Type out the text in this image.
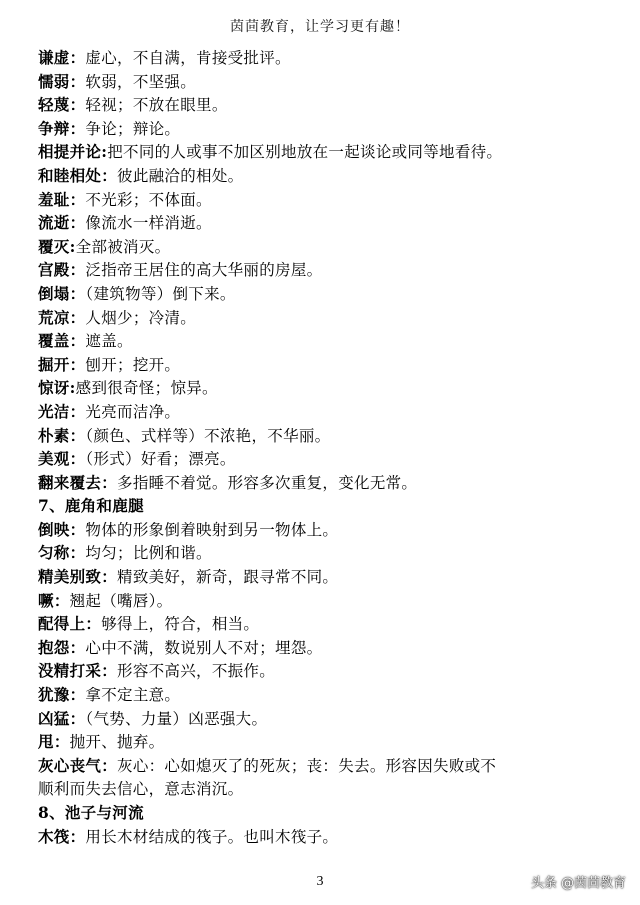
茵茴教育，让学习更有趣！
谦虚：虚心，不自满，肯接受批评。
懦弱：软弱，不坚强。
轻蔑：轻视；不放在眼里。
争辩：争论；辩论。
相提并论:把不同的人或事不加区别地放在一起谈论或同等地看待。
和睦相处：彼此融洽的相处。
羞耻：不光彩；不体面。
流逝：像流水一样消逝。
覆灭:全部被消灭。
宫殿：泛指帝王居住的高大华丽的房屋。
倒塌：（建筑物等）倒下来。
荒凉：人烟少；冷清。
覆盖：遮盖。
掘开：刨开；挖开。
惊讶:感到很奇怪；惊异。
光洁：光亮而洁净。
朴素：（颜色、式样等）不浓艳，不华丽。
美观：（形式）好看；漂亮。
翻来覆去：多指睡不着觉。形容多次重复，变化无常。
7、鹿角和鹿腿
倒映：物体的形象倒着映射到另一物体上。
匀称：均匀；比例和谐。
精美别致：精致美好，新奇，跟寻常不同。
噘：翘起（嘴唇）。
配得上：够得上，符合，相当。
抱怨：心中不满，数说别人不对；埋怨。
没精打采：形容不高兴，不振作。
犹豫：拿不定主意。
凶猛：（气势、力量）凶恶强大。
甩：抛开、抛弃。
灰心丧气：灰心：心如熄灭了的死灰；丧：失去。形容因失败或不
顺利而失去信心，意志消沉。
8、池子与河流
木筏：用长木材结成的筏子。也叫木筏子。
3	头条 @茵茴教育
